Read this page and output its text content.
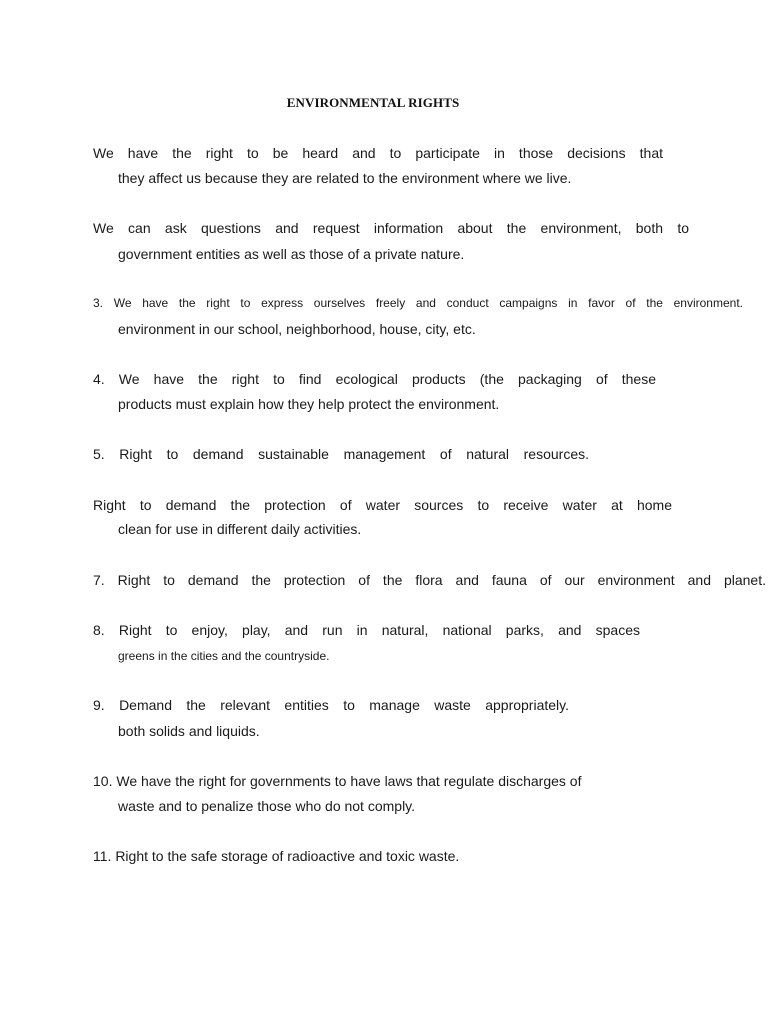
ENVIRONMENTAL RIGHTS
We have the right to be heard and to participate in those decisions that
they affect us because they are related to the environment where we live.
We can ask questions and request information about the environment, both to
government entities as well as those of a private nature.
3. We have the right to express ourselves freely and conduct campaigns in favor of the environment.
environment in our school, neighborhood, house, city, etc.
4. We have the right to find ecological products (the packaging of these
products must explain how they help protect the environment.
5. Right to demand sustainable management of natural resources.
Right to demand the protection of water sources to receive water at home
clean for use in different daily activities.
7. Right to demand the protection of the flora and fauna of our environment and planet.
8. Right to enjoy, play, and run in natural, national parks, and spaces
greens in the cities and the countryside.
9. Demand the relevant entities to manage waste appropriately.
both solids and liquids.
10. We have the right for governments to have laws that regulate discharges of
waste and to penalize those who do not comply.
11. Right to the safe storage of radioactive and toxic waste.
